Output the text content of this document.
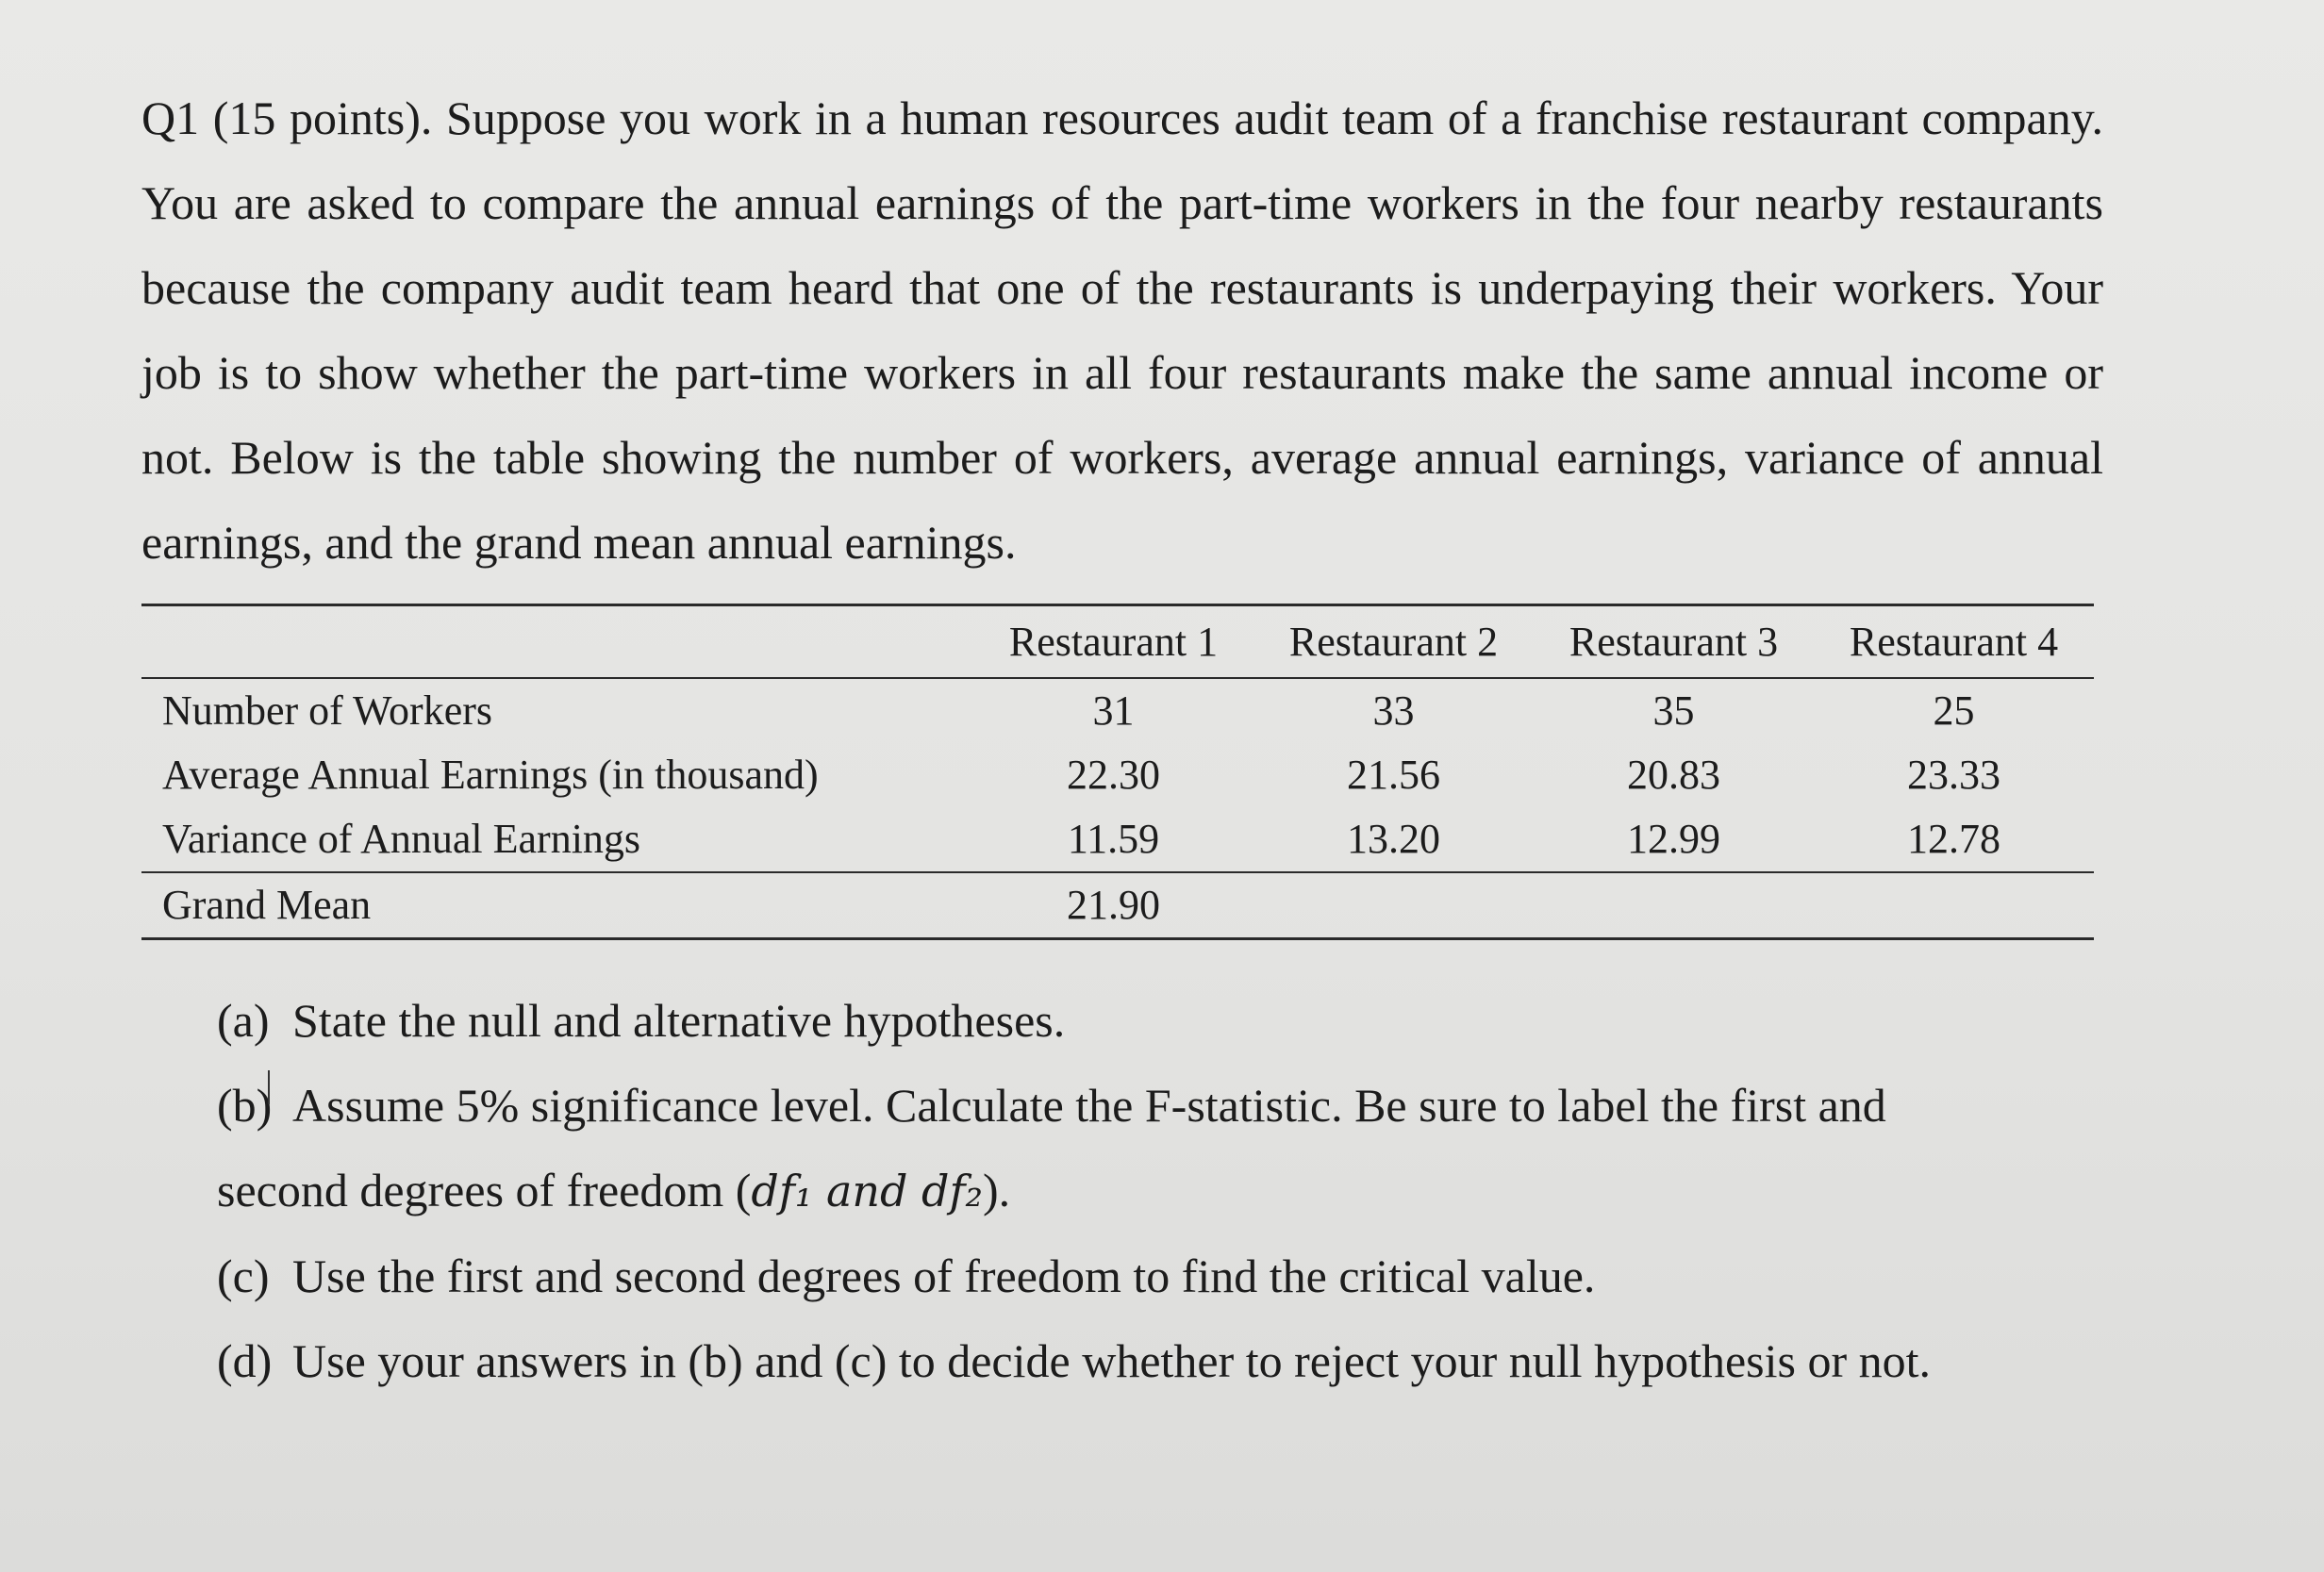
Q1 (15 points). Suppose you work in a human resources audit team of a franchise restaurant company. You are asked to compare the annual earnings of the part-time workers in the four nearby restaurants because the company audit team heard that one of the restaurants is underpaying their workers. Your job is to show whether the part-time workers in all four restaurants make the same annual income or not. Below is the table showing the number of workers, average annual earnings, variance of annual earnings, and the grand mean annual earnings.

	Restaurant 1	Restaurant 2	Restaurant 3	Restaurant 4
Number of Workers	31	33	35	25
Average Annual Earnings (in thousand)	22.30	21.56	20.83	23.33
Variance of Annual Earnings	11.59	13.20	12.99	12.78
Grand Mean	21.90			
(a) State the null and alternative hypotheses.
(b) Assume 5% significance level. Calculate the F-statistic. Be sure to label the first and
second degrees of freedom (df₁ and df₂).
(c) Use the first and second degrees of freedom to find the critical value.
(d) Use your answers in (b) and (c) to decide whether to reject your null hypothesis or not.
